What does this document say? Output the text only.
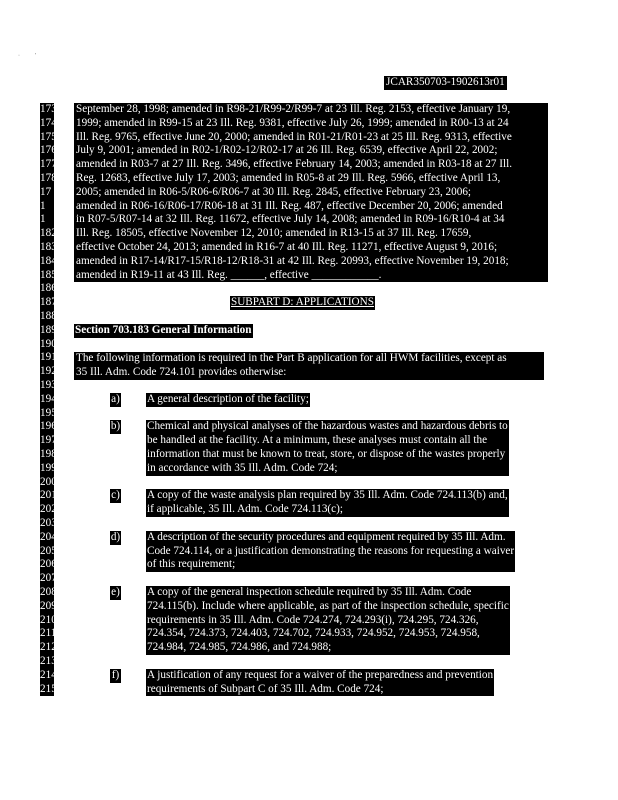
·          '
JCAR350703-1902613r01
173
174
175
176
177
178
17
1
1
182
183
184
185
186
187
188
189
190
191
192
193
194
195
196
197
198
199
200
201
202
203
204
205
206
207
208
209
210
211
212
213
214
215
September 28, 1998; amended in R98-21/R99-2/R99-7 at 23 Ill. Reg. 2153, effective January 19,
1999; amended in R99-15 at 23 Ill. Reg. 9381, effective July 26, 1999; amended in R00-13 at 24
Ill. Reg. 9765, effective June 20, 2000; amended in R01-21/R01-23 at 25 Ill. Reg. 9313, effective
July 9, 2001; amended in R02-1/R02-12/R02-17 at 26 Ill. Reg. 6539, effective April 22, 2002;
amended in R03-7 at 27 Ill. Reg. 3496, effective February 14, 2003; amended in R03-18 at 27 Ill.
Reg. 12683, effective July 17, 2003; amended in R05-8 at 29 Ill. Reg. 5966, effective April 13,
2005; amended in R06-5/R06-6/R06-7 at 30 Ill. Reg. 2845, effective February 23, 2006;
amended in R06-16/R06-17/R06-18 at 31 Ill. Reg. 487, effective December 20, 2006; amended
in R07-5/R07-14 at 32 Ill. Reg. 11672, effective July 14, 2008; amended in R09-16/R10-4 at 34
Ill. Reg. 18505, effective November 12, 2010; amended in R13-15 at 37 Ill. Reg. 17659,
effective October 24, 2013; amended in R16-7 at 40 Ill. Reg. 11271, effective August 9, 2016;
amended in R17-14/R17-15/R18-12/R18-31 at 42 Ill. Reg. 20993, effective November 19, 2018;
amended in R19-11 at 43 Ill. Reg. ______, effective ____________.
SUBPART D: APPLICATIONS
Section 703.183 General Information
The following information is required in the Part B application for all HWM facilities, except as
35 Ill. Adm. Code 724.101 provides otherwise:
a) A general description of the facility;
b) Chemical and physical analyses of the hazardous wastes and hazardous debris to
be handled at the facility. At a minimum, these analyses must contain all the
information that must be known to treat, store, or dispose of the wastes properly
in accordance with 35 Ill. Adm. Code 724;
c) A copy of the waste analysis plan required by 35 Ill. Adm. Code 724.113(b) and,
if applicable, 35 Ill. Adm. Code 724.113(c);
d) A description of the security procedures and equipment required by 35 Ill. Adm.
Code 724.114, or a justification demonstrating the reasons for requesting a waiver
of this requirement;
e) A copy of the general inspection schedule required by 35 Ill. Adm. Code
724.115(b). Include where applicable, as part of the inspection schedule, specific
requirements in 35 Ill. Adm. Code 724.274, 724.293(i), 724.295, 724.326,
724.354, 724.373, 724.403, 724.702, 724.933, 724.952, 724.953, 724.958,
724.984, 724.985, 724.986, and 724.988;
f) A justification of any request for a waiver of the preparedness and prevention
requirements of Subpart C of 35 Ill. Adm. Code 724;
